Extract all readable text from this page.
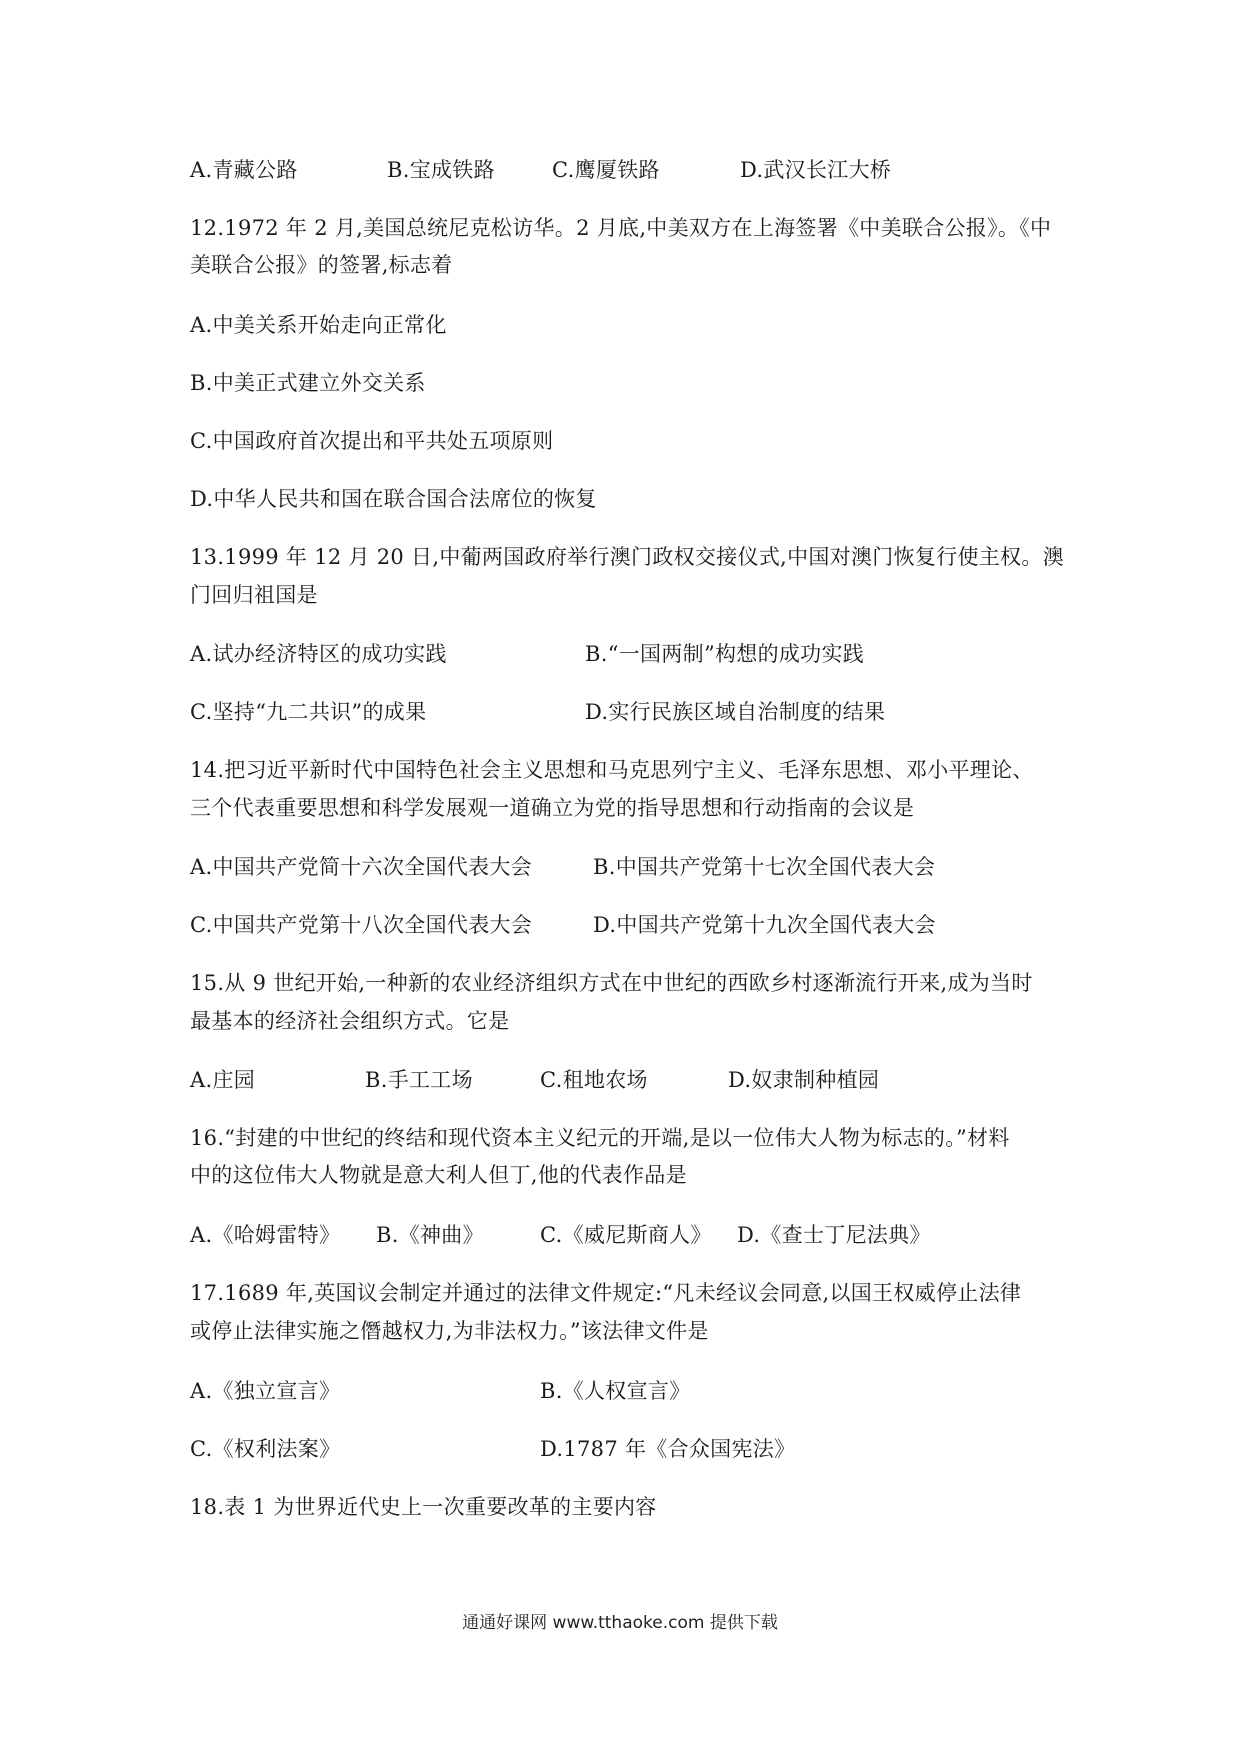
A.青藏公路	B.宝成铁路	C.鹰厦铁路	D.武汉长江大桥
12.1972 年 2 月,美国总统尼克松访华。2 月底,中美双方在上海签署《中美联合公报》。《中
美联合公报》的签署,标志着
A.中美关系开始走向正常化
B.中美正式建立外交关系
C.中国政府首次提出和平共处五项原则
D.中华人民共和国在联合国合法席位的恢复
13.1999 年 12 月 20 日,中葡两国政府举行澳门政权交接仪式,中国对澳门恢复行使主权。澳
门回归祖国是
A.试办经济特区的成功实践	B.“一国两制”构想的成功实践
C.坚持“九二共识”的成果	D.实行民族区域自治制度的结果
14.把习近平新时代中国特色社会主义思想和马克思列宁主义、毛泽东思想、邓小平理论、
三个代表重要思想和科学发展观一道确立为党的指导思想和行动指南的会议是
A.中国共产党简十六次全国代表大会	B.中国共产党第十七次全国代表大会
C.中国共产党第十八次全国代表大会	D.中国共产党第十九次全国代表大会
15.从 9 世纪开始,一种新的农业经济组织方式在中世纪的西欧乡村逐渐流行开来,成为当时
最基本的经济社会组织方式。它是
A.庄园	B.手工工场	C.租地农场	D.奴隶制种植园
16.“封建的中世纪的终结和现代资本主义纪元的开端,是以一位伟大人物为标志的。”材料
中的这位伟大人物就是意大利人但丁,他的代表作品是
A.《哈姆雷特》 B.《神曲》	C.《威尼斯商人》 D.《查士丁尼法典》
17.1689 年,英国议会制定并通过的法律文件规定:“凡未经议会同意,以国王权威停止法律
或停止法律实施之僭越权力,为非法权力。”该法律文件是
A.《独立宣言》	B.《人权宣言》
C.《权利法案》	D.1787 年《合众国宪法》
18.表 1 为世界近代史上一次重要改革的主要内容
通通好课网 www.tthaoke.com 提供下载
